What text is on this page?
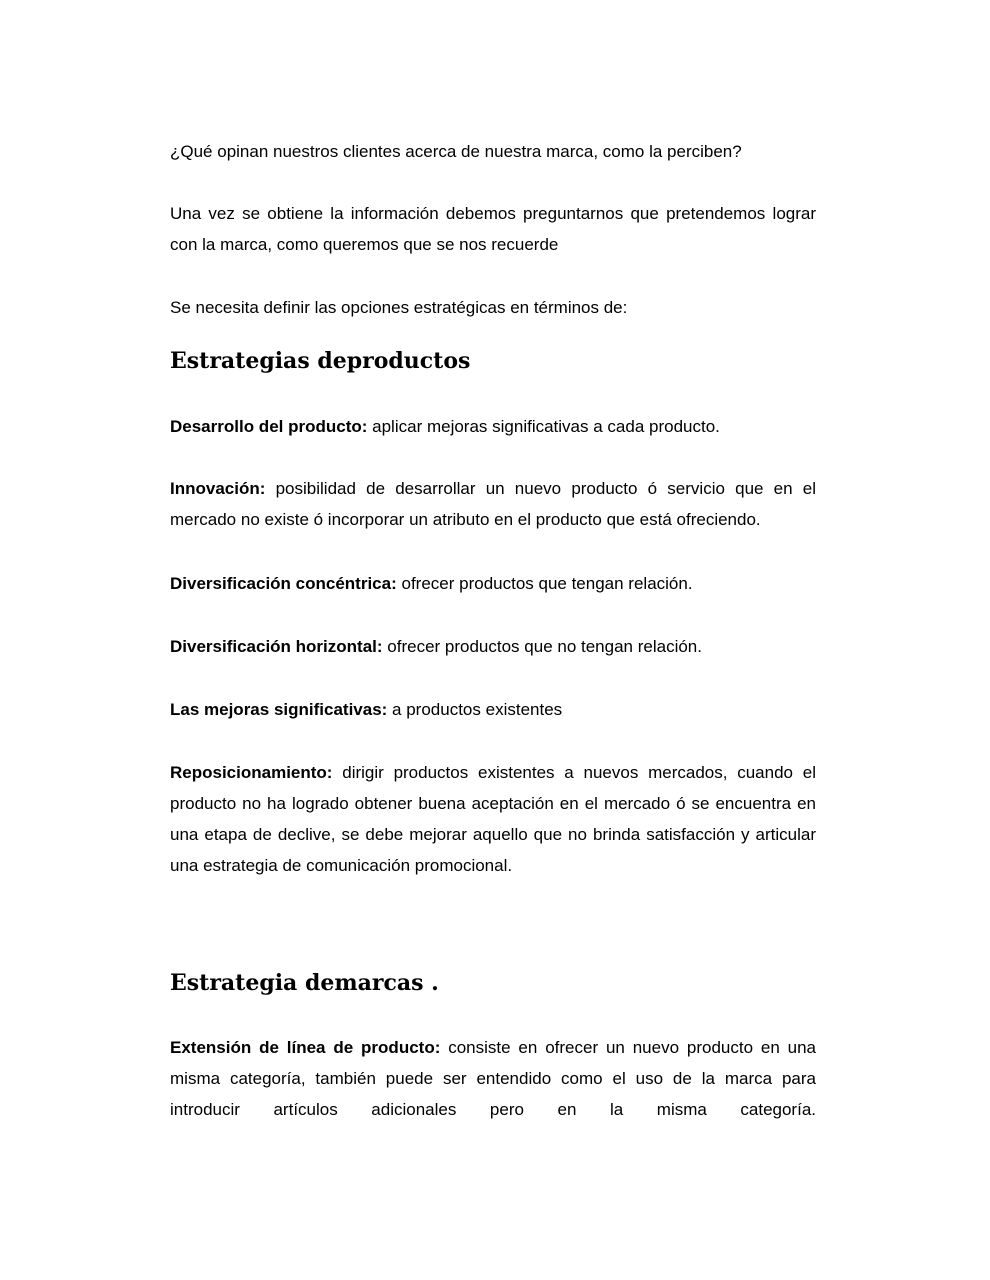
¿Qué opinan nuestros clientes acerca de nuestra marca, como la perciben?

Una vez se obtiene la información debemos preguntarnos que pretendemos lograr con la marca, como queremos que se nos recuerde

Se necesita definir las opciones estratégicas en términos de:

Estrategias deproductos

Desarrollo del producto: aplicar mejoras significativas a cada producto.

Innovación: posibilidad de desarrollar un nuevo producto ó servicio que en el mercado no existe ó incorporar un atributo en el producto que está ofreciendo.

Diversificación concéntrica: ofrecer productos que tengan relación.

Diversificación horizontal: ofrecer productos que no tengan relación.

Las mejoras significativas: a productos existentes

Reposicionamiento: dirigir productos existentes a nuevos mercados, cuando el producto no ha logrado obtener buena aceptación en el mercado ó se encuentra en una etapa de declive, se debe mejorar aquello que no brinda satisfacción y articular una estrategia de comunicación promocional.

Estrategia demarcas .

Extensión de línea de producto: consiste en ofrecer un nuevo producto en una misma categoría, también puede ser entendido como el uso de la marca para introducir artículos adicionales pero en la misma categoría.
